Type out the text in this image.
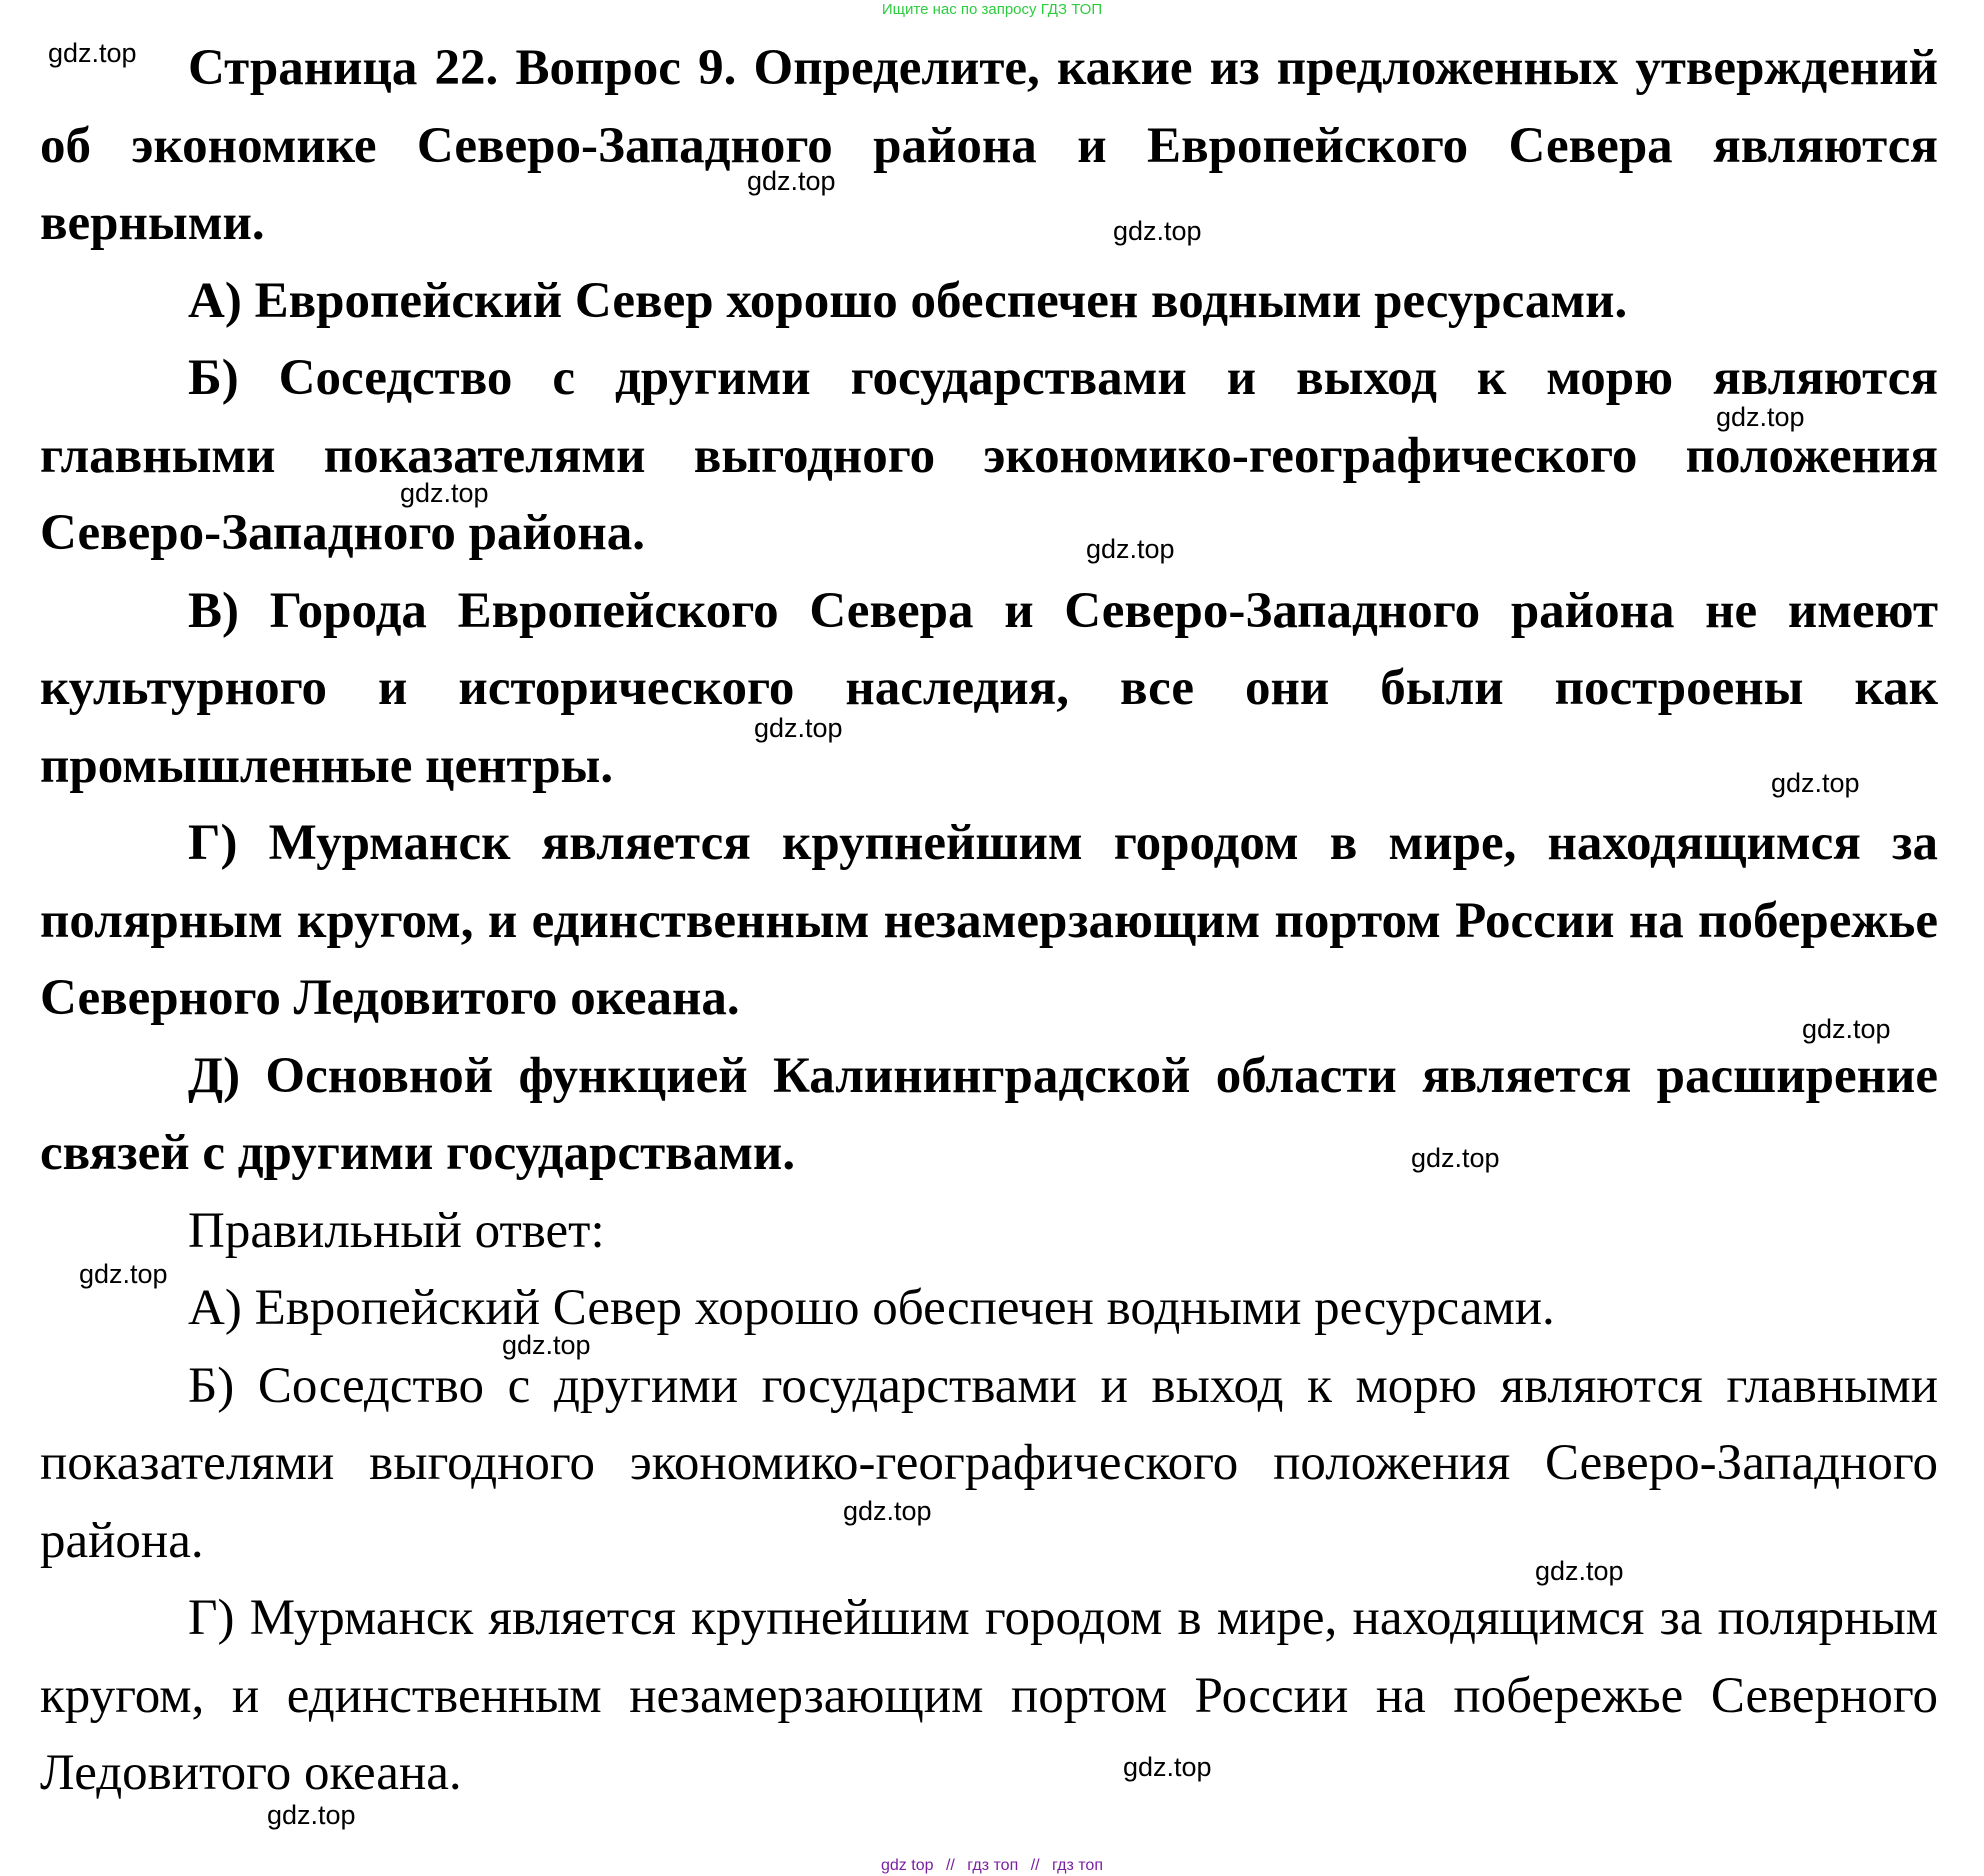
Ищите нас по запросу ГДЗ ТОП

Страница 22. Вопрос 9. Определите, какие из предложенных утверждений об экономике Северо-Западного района и Европейского Севера являются верными.

А) Европейский Север хорошо обеспечен водными ресурсами.

Б) Соседство с другими государствами и выход к морю являются главными показателями выгодного экономико-географического положения Северо-Западного района.

В) Города Европейского Севера и Северо-Западного района не имеют культурного и исторического наследия, все они были построены как промышленные центры.

Г) Мурманск является крупнейшим городом в мире, находящимся за полярным кругом, и единственным незамерзающим портом России на побережье Северного Ледовитого океана.

Д) Основной функцией Калининградской области является расширение связей с другими государствами.

Правильный ответ:

А) Европейский Север хорошо обеспечен водными ресурсами.

Б) Соседство с другими государствами и выход к морю являются главными показателями выгодного экономико-географического положения Северо-Западного района.

Г) Мурманск является крупнейшим городом в мире, находящимся за полярным кругом, и единственным незамерзающим портом России на побережье Северного Ледовитого океана.

gdz.top
gdz.top
gdz.top
gdz.top
gdz.top
gdz.top
gdz.top
gdz.top
gdz.top
gdz.top
gdz.top
gdz.top
gdz.top
gdz.top
gdz.top
gdz.top
gdz top // гдз топ // гдз топ
